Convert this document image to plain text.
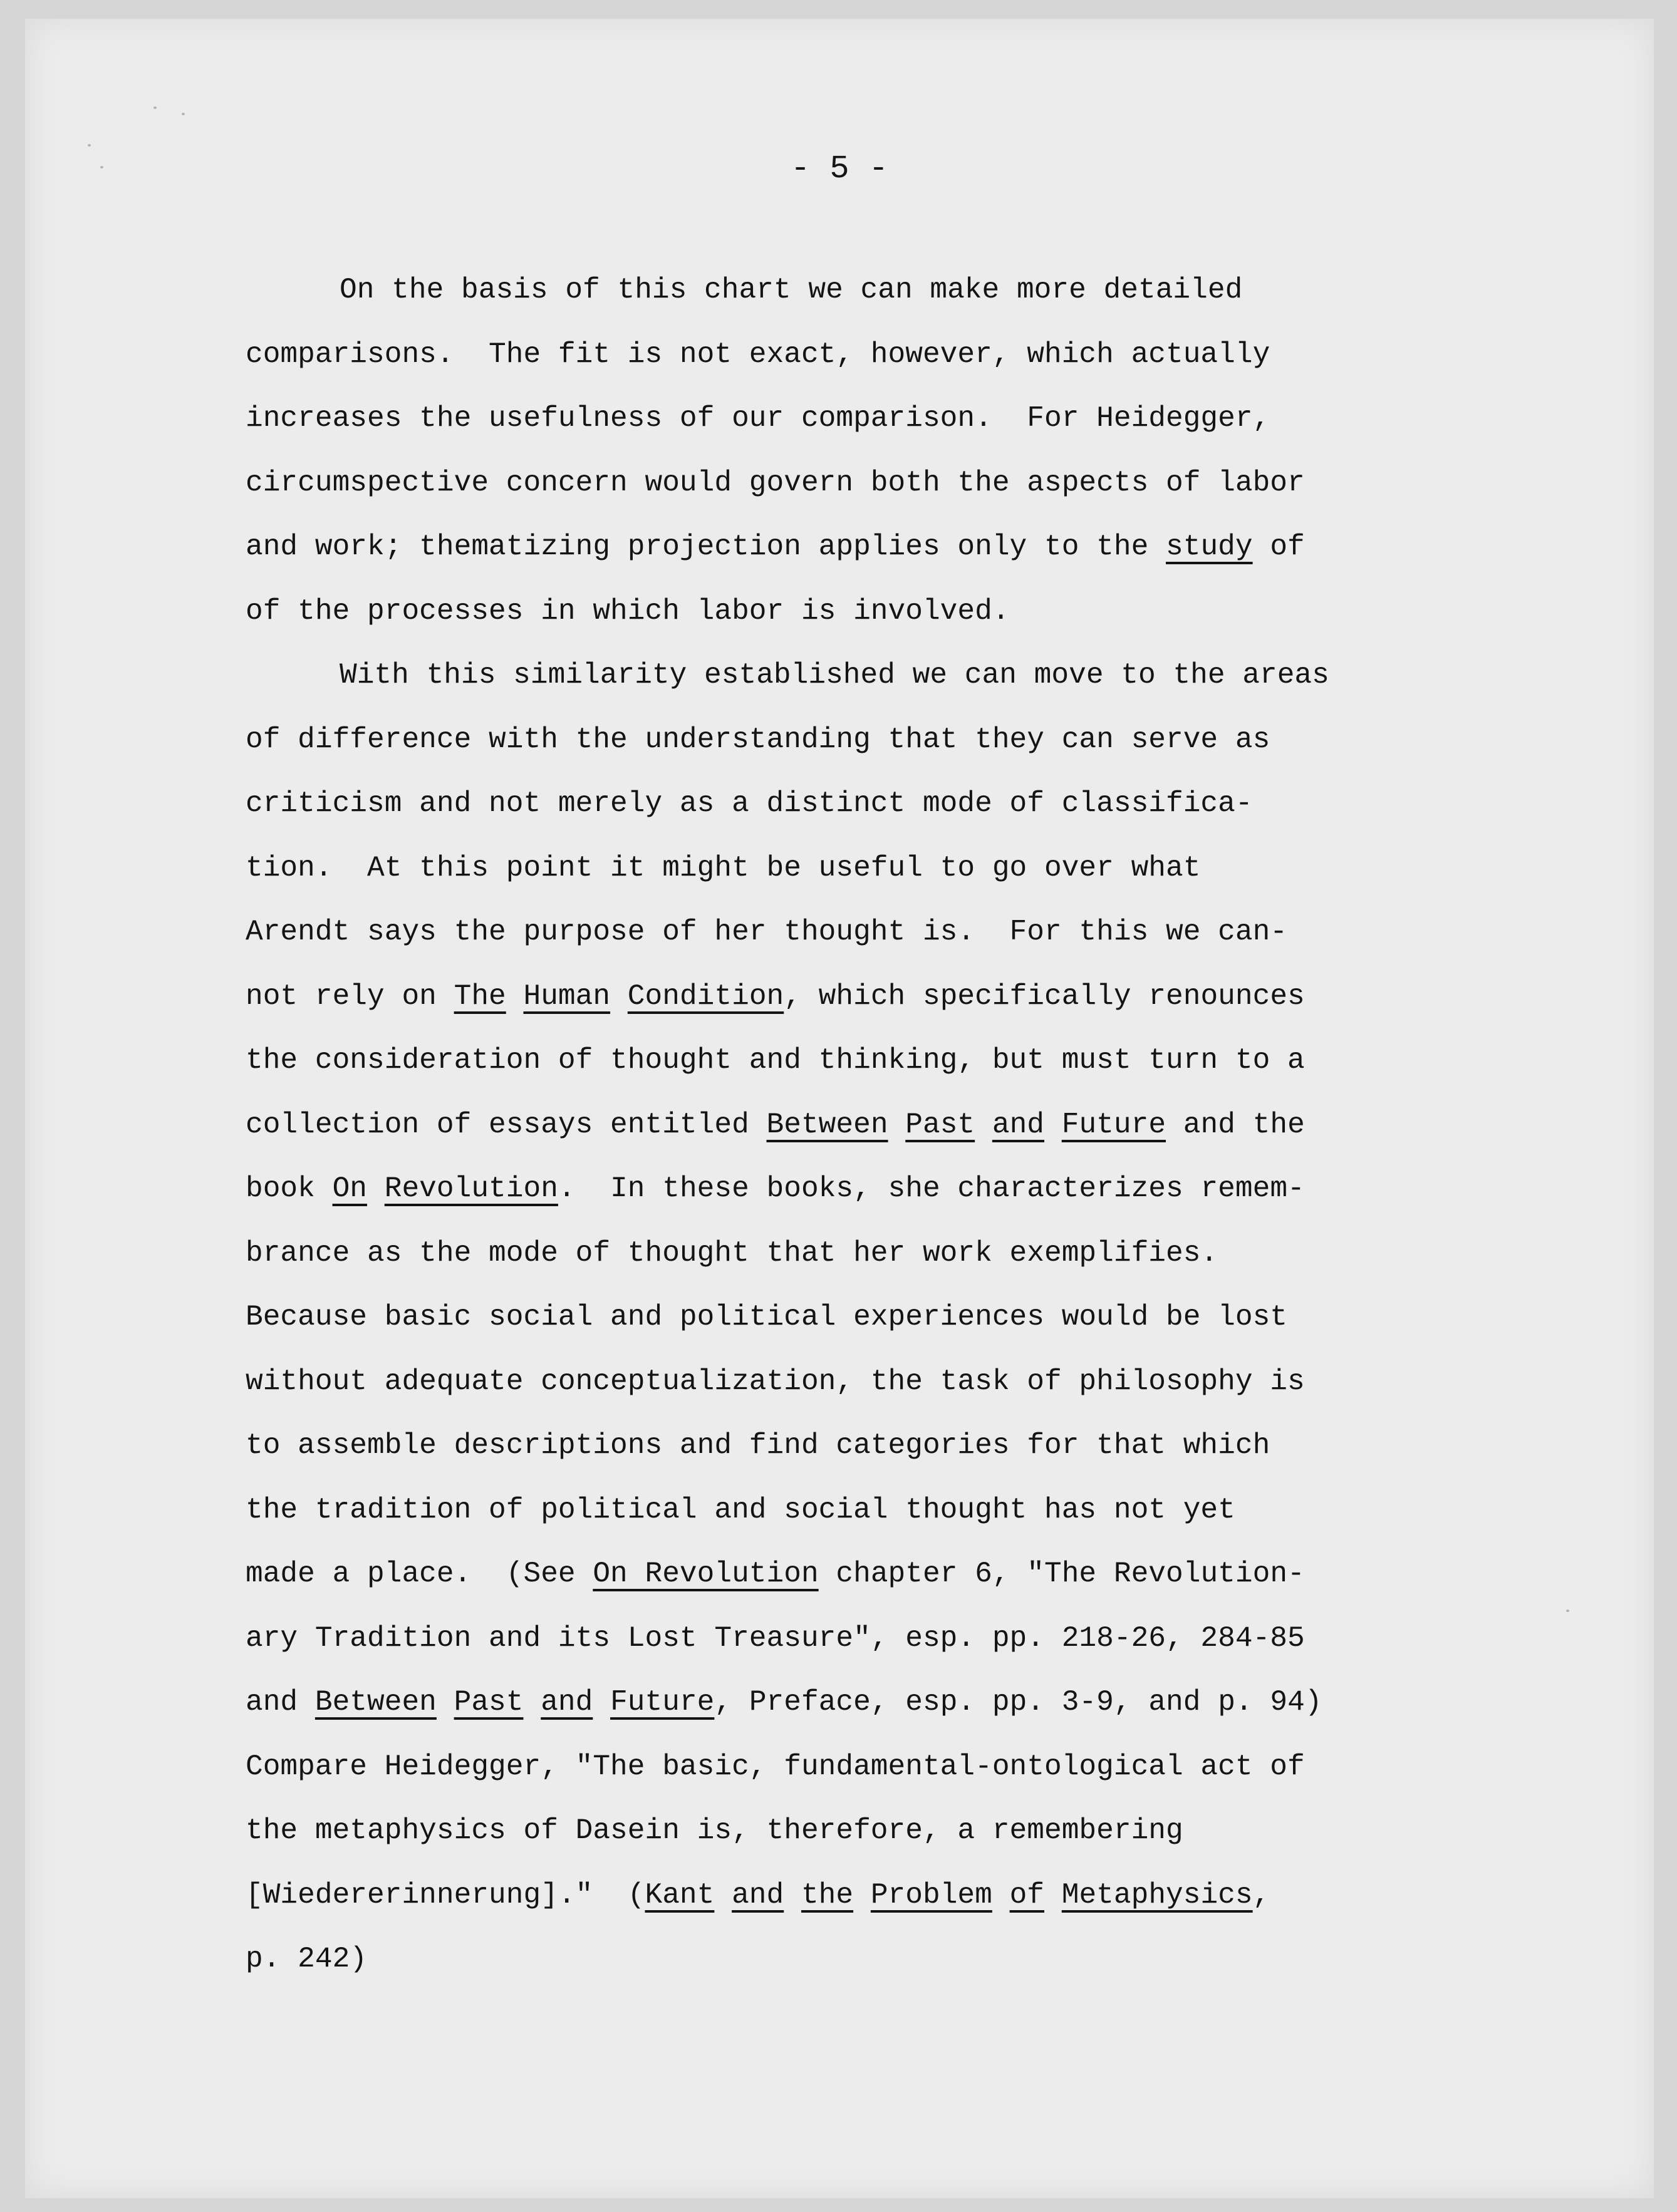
- 5 -
On the basis of this chart we can make more detailed
comparisons.  The fit is not exact, however, which actually
increases the usefulness of our comparison.  For Heidegger,
circumspective concern would govern both the aspects of labor
and work; thematizing projection applies only to the study of
of the processes in which labor is involved.
With this similarity established we can move to the areas
of difference with the understanding that they can serve as
criticism and not merely as a distinct mode of classifica-
tion.  At this point it might be useful to go over what
Arendt says the purpose of her thought is.  For this we can-
not rely on The Human Condition, which specifically renounces
the consideration of thought and thinking, but must turn to a
collection of essays entitled Between Past and Future and the
book On Revolution.  In these books, she characterizes remem-
brance as the mode of thought that her work exemplifies.
Because basic social and political experiences would be lost
without adequate conceptualization, the task of philosophy is
to assemble descriptions and find categories for that which
the tradition of political and social thought has not yet
made a place.  (See On Revolution chapter 6, "The Revolution-
ary Tradition and its Lost Treasure", esp. pp. 218-26, 284-85
and Between Past and Future, Preface, esp. pp. 3-9, and p. 94)
Compare Heidegger, "The basic, fundamental-ontological act of
the metaphysics of Dasein is, therefore, a remembering
[Wiedererinnerung]."  (Kant and the Problem of Metaphysics,
p. 242)
